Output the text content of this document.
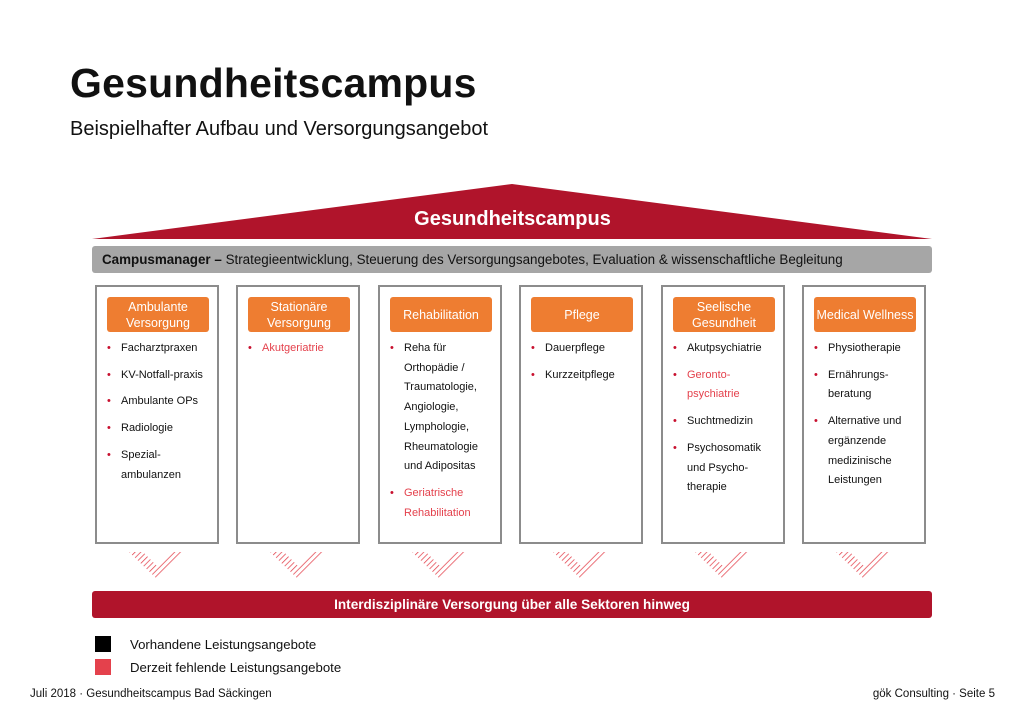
Gesundheitscampus
Beispielhafter Aufbau und Versorgungsangebot
Gesundheitscampus
Campusmanager – Strategieentwicklung, Steuerung des Versorgungsangebotes, Evaluation & wissenschaftliche Begleitung
Ambulante Versorgung
• Facharztpraxen
• KV-Notfall-praxis
• Ambulante OPs
• Radiologie
• Spezial-ambulanzen
Stationäre Versorgung
• Akutgeriatrie
Rehabilitation
• Reha für Orthopädie / Traumatologie, Angiologie, Lymphologie, Rheumatologie und Adipositas
• Geriatrische Rehabilitation
Pflege
• Dauerpflege
• Kurzzeitpflege
Seelische Gesundheit
• Akutpsychiatrie
• Geronto-psychiatrie
• Suchtmedizin
• Psychosomatik und Psycho-therapie
Medical Wellness
• Physiotherapie
• Ernährungs-beratung
• Alternative und ergänzende medizinische Leistungen
Interdisziplinäre Versorgung über alle Sektoren hinweg
Vorhandene Leistungsangebote
Derzeit fehlende Leistungsangebote
Juli 2018 · Gesundheitscampus Bad Säckingen	gök Consulting · Seite 5
